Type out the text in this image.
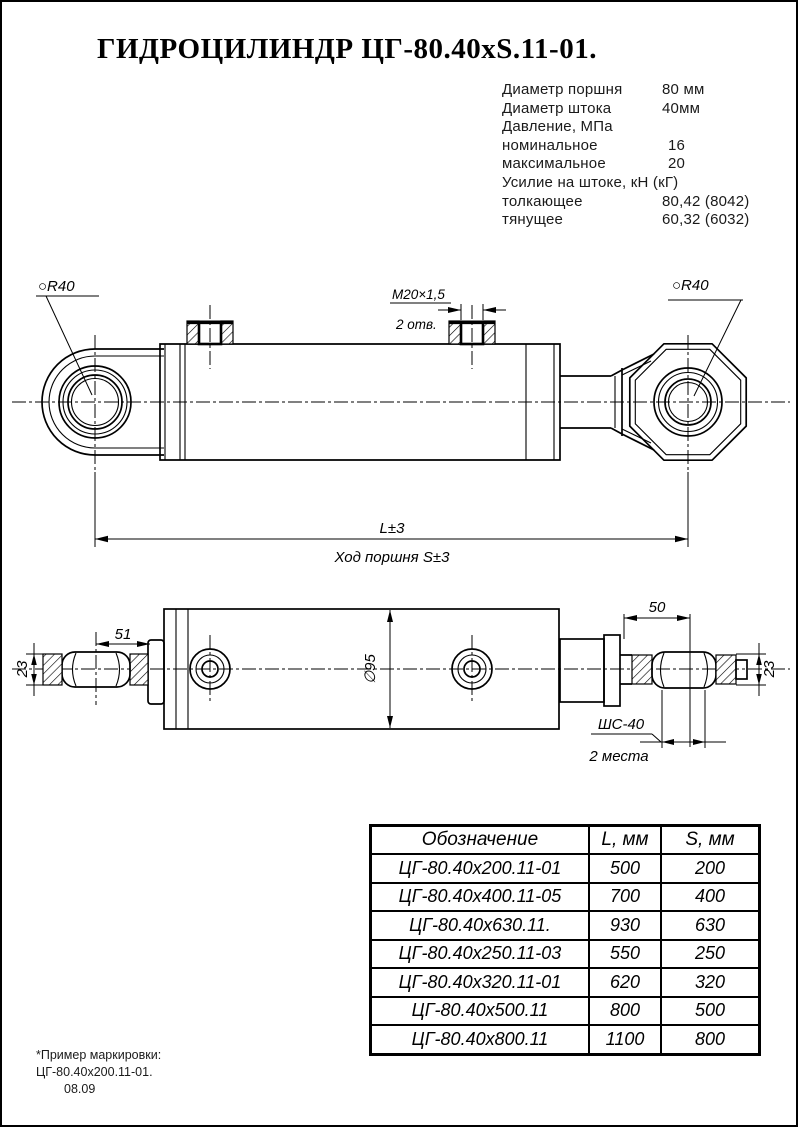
○R40	○R40
M20×1,5
2 отв.
L±3
Ход поршня S±3
23
51
∅95
50
23
ШС-40
2 места
ГИДРОЦИЛИНДР ЦГ-80.40хS.11-01.
Диаметр поршня	80 мм
Диаметр штока	40мм
Давление, МПа
номинальное	16
максимальное	20
Усилие на штоке, кН (кГ)
толкающее	80,42 (8042)
тянущее	60,32 (6032)
Обозначение	L, мм	S, мм
ЦГ-80.40х200.11-01	500	200
ЦГ-80.40х400.11-05	700	400
ЦГ-80.40х630.11.	930	630
ЦГ-80.40х250.11-03	550	250
ЦГ-80.40х320.11-01	620	320
ЦГ-80.40х500.11	800	500
ЦГ-80.40х800.11	1100	800
*Пример маркировки:
ЦГ-80.40х200.11-01.
08.09
